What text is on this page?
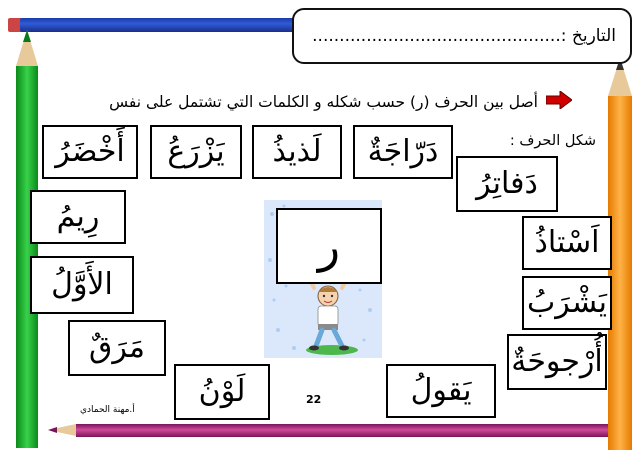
التاريخ :..............................................
أصل بين الحرف (ر) حسب شكله و الكلمات التي تشتمل على نفس
شكل الحرف :
أَخْضَرُ	يَزْرَعُ	لَذيذُ	دَرّاجَةٌ
دَفاتِرُ
اَسْتاذُ
يَشْرَبُ
أُرْجوحَةٌ
رِيمُ
الأَوَّلُ
مَرَقٌ
لَوْنُ	يَقولُ
ر
22
أ.مهنة الحمادي
